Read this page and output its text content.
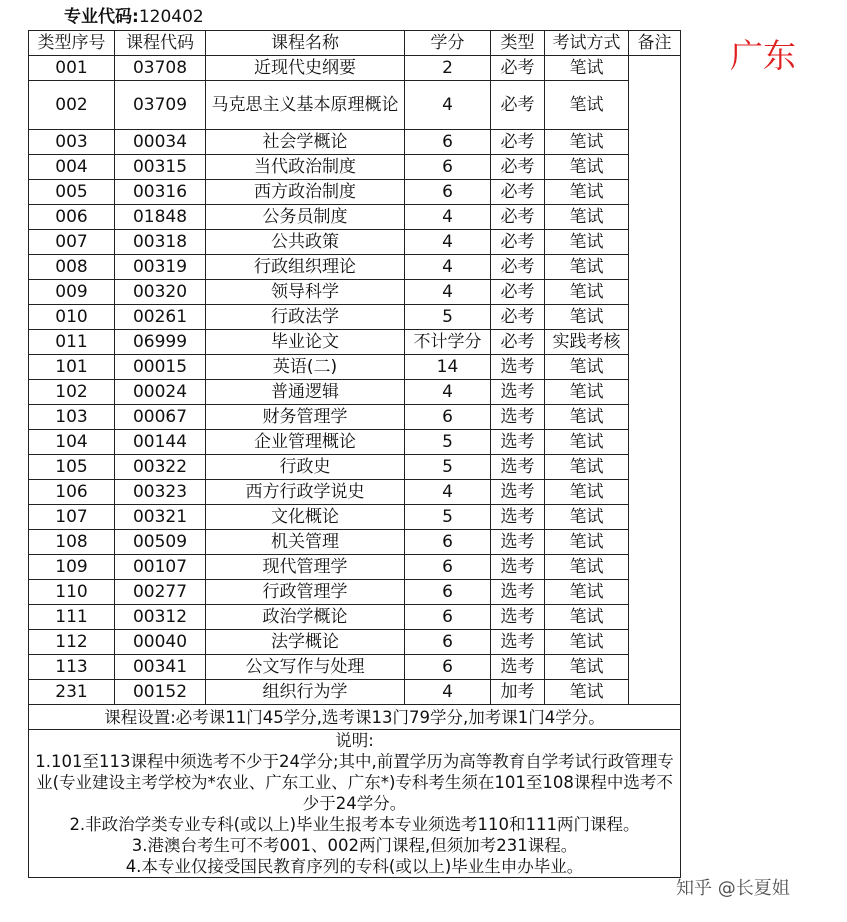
专业代码:120402
广东
类型序号	课程代码	课程名称	学分	类型	考试方式	备注
001	03708	近现代史纲要	2	必考	笔试	
002	03709	马克思主义基本原理概论	4	必考	笔试	
003	00034	社会学概论	6	必考	笔试	
004	00315	当代政治制度	6	必考	笔试	
005	00316	西方政治制度	6	必考	笔试	
006	01848	公务员制度	4	必考	笔试	
007	00318	公共政策	4	必考	笔试	
008	00319	行政组织理论	4	必考	笔试	
009	00320	领导科学	4	必考	笔试	
010	00261	行政法学	5	必考	笔试	
011	06999	毕业论文	不计学分	必考	实践考核	
101	00015	英语(二)	14	选考	笔试	
102	00024	普通逻辑	4	选考	笔试	
103	00067	财务管理学	6	选考	笔试	
104	00144	企业管理概论	5	选考	笔试	
105	00322	行政史	5	选考	笔试	
106	00323	西方行政学说史	4	选考	笔试	
107	00321	文化概论	5	选考	笔试	
108	00509	机关管理	6	选考	笔试	
109	00107	现代管理学	6	选考	笔试	
110	00277	行政管理学	6	选考	笔试	
111	00312	政治学概论	6	选考	笔试	
112	00040	法学概论	6	选考	笔试	
113	00341	公文写作与处理	6	选考	笔试	
231	00152	组织行为学	4	加考	笔试	
课程设置:必考课11门45学分,选考课13门79学分,加考课1门4学分。						

说明:
1.101至113课程中须选考不少于24学分;其中,前置学历为高等教育自学考试行政管理专业(专业建设主考学校为*农业、广东工业、广东*)专科考生须在101至108课程中选考不少于24学分。
2.非政治学类专业专科(或以上)毕业生报考本专业须选考110和111两门课程。
3.港澳台考生可不考001、002两门课程,但须加考231课程。
4.本专业仅接受国民教育序列的专科(或以上)毕业生申办毕业。						
知乎 @长夏姐
